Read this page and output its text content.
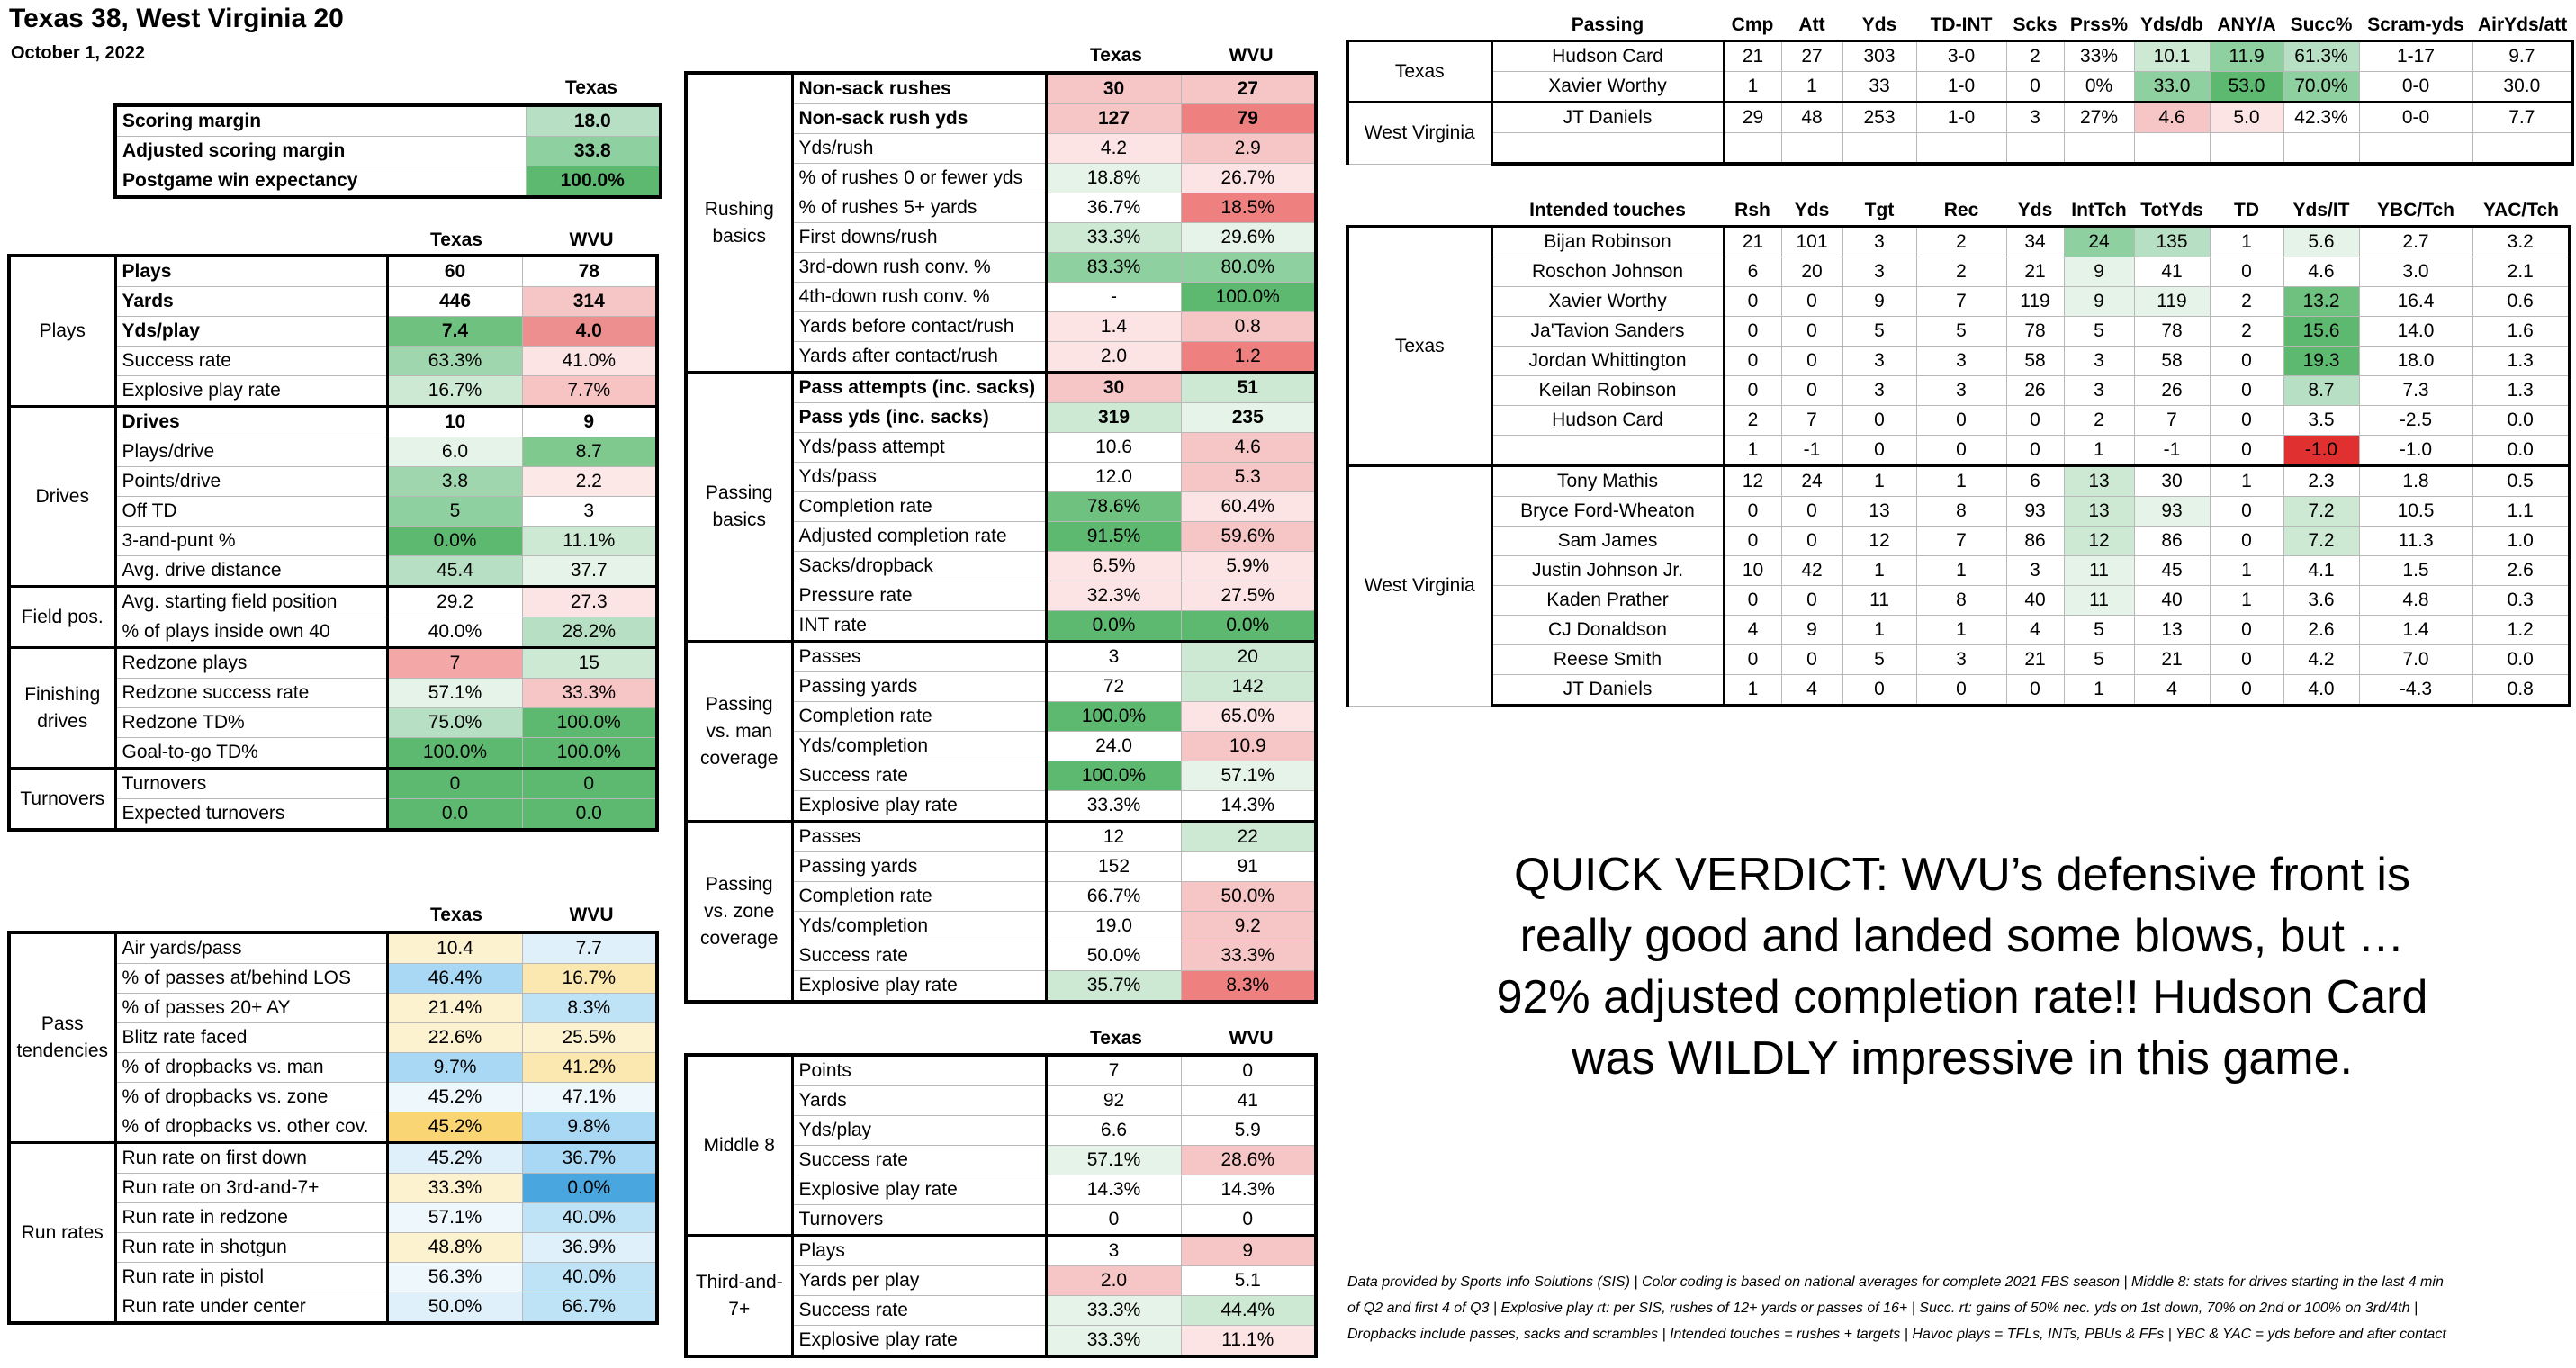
Texas 38, West Virginia 20
October 1, 2022
Texas
Scoring margin	18.0
Adjusted scoring margin	33.8
Postgame win expectancy	100.0%
Texas	WVU
Plays	Plays	60	78
	Yards	446	314
	Yds/play	7.4	4.0
	Success rate	63.3%	41.0%
	Explosive play rate	16.7%	7.7%
Drives	Drives	10	9
	Plays/drive	6.0	8.7
	Points/drive	3.8	2.2
	Off TD	5	3
	3-and-punt %	0.0%	11.1%
	Avg. drive distance	45.4	37.7
Field pos.	Avg. starting field position	29.2	27.3
	% of plays inside own 40	40.0%	28.2%
Finishing drives	Redzone plays	7	15
	Redzone success rate	57.1%	33.3%
	Redzone TD%	75.0%	100.0%
	Goal-to-go TD%	100.0%	100.0%
Turnovers	Turnovers	0	0
	Expected turnovers	0.0	0.0
Texas	WVU
Pass tendencies	Air yards/pass	10.4	7.7
	% of passes at/behind LOS	46.4%	16.7%
	% of passes 20+ AY	21.4%	8.3%
	Blitz rate faced	22.6%	25.5%
	% of dropbacks vs. man	9.7%	41.2%
	% of dropbacks vs. zone	45.2%	47.1%
	% of dropbacks vs. other cov.	45.2%	9.8%
Run rates	Run rate on first down	45.2%	36.7%
	Run rate on 3rd-and-7+	33.3%	0.0%
	Run rate in redzone	57.1%	40.0%
	Run rate in shotgun	48.8%	36.9%
	Run rate in pistol	56.3%	40.0%
	Run rate under center	50.0%	66.7%
Texas	WVU
Rushing basics	Non-sack rushes	30	27
	Non-sack rush yds	127	79
	Yds/rush	4.2	2.9
	% of rushes 0 or fewer yds	18.8%	26.7%
	% of rushes 5+ yards	36.7%	18.5%
	First downs/rush	33.3%	29.6%
	3rd-down rush conv. %	83.3%	80.0%
	4th-down rush conv. %	-	100.0%
	Yards before contact/rush	1.4	0.8
	Yards after contact/rush	2.0	1.2
Passing basics	Pass attempts (inc. sacks)	30	51
	Pass yds (inc. sacks)	319	235
	Yds/pass attempt	10.6	4.6
	Yds/pass	12.0	5.3
	Completion rate	78.6%	60.4%
	Adjusted completion rate	91.5%	59.6%
	Sacks/dropback	6.5%	5.9%
	Pressure rate	32.3%	27.5%
	INT rate	0.0%	0.0%
Passing vs. man coverage	Passes	3	20
	Passing yards	72	142
	Completion rate	100.0%	65.0%
	Yds/completion	24.0	10.9
	Success rate	100.0%	57.1%
	Explosive play rate	33.3%	14.3%
Passing vs. zone coverage	Passes	12	22
	Passing yards	152	91
	Completion rate	66.7%	50.0%
	Yds/completion	19.0	9.2
	Success rate	50.0%	33.3%
	Explosive play rate	35.7%	8.3%
Texas	WVU
Middle 8	Points	7	0
	Yards	92	41
	Yds/play	6.6	5.9
	Success rate	57.1%	28.6%
	Explosive play rate	14.3%	14.3%
	Turnovers	0	0
Third-and-7+	Plays	3	9
	Yards per play	2.0	5.1
	Success rate	33.3%	44.4%
	Explosive play rate	33.3%	11.1%
	Passing	Cmp	Att	Yds	TD-INT	Scks	Prss%	Yds/db	ANY/A	Succ%	Scram-yds	AirYds/att
Texas	Hudson Card	21	27	303	3-0	2	33%	10.1	11.9	61.3%	1-17	9.7
	Xavier Worthy	1	1	33	1-0	0	0%	33.0	53.0	70.0%	0-0	30.0
West Virginia	JT Daniels	29	48	253	1-0	3	27%	4.6	5.0	42.3%	0-0	7.7

	Intended touches	Rsh	Yds	Tgt	Rec	Yds	IntTch	TotYds	TD	Yds/IT	YBC/Tch	YAC/Tch
Texas	Bijan Robinson	21	101	3	2	34	24	135	1	5.6	2.7	3.2
	Roschon Johnson	6	20	3	2	21	9	41	0	4.6	3.0	2.1
	Xavier Worthy	0	0	9	7	119	9	119	2	13.2	16.4	0.6
	Ja'Tavion Sanders	0	0	5	5	78	5	78	2	15.6	14.0	1.6
	Jordan Whittington	0	0	3	3	58	3	58	0	19.3	18.0	1.3
	Keilan Robinson	0	0	3	3	26	3	26	0	8.7	7.3	1.3
	Hudson Card	2	7	0	0	0	2	7	0	3.5	-2.5	0.0
		1	-1	0	0	0	1	-1	0	-1.0	-1.0	0.0
West Virginia	Tony Mathis	12	24	1	1	6	13	30	1	2.3	1.8	0.5
	Bryce Ford-Wheaton	0	0	13	8	93	13	93	0	7.2	10.5	1.1
	Sam James	0	0	12	7	86	12	86	0	7.2	11.3	1.0
	Justin Johnson Jr.	10	42	1	1	3	11	45	1	4.1	1.5	2.6
	Kaden Prather	0	0	11	8	40	11	40	1	3.6	4.8	0.3
	CJ Donaldson	4	9	1	1	4	5	13	0	2.6	1.4	1.2
	Reese Smith	0	0	5	3	21	5	21	0	4.2	7.0	0.0
	JT Daniels	1	4	0	0	0	1	4	0	4.0	-4.3	0.8
QUICK VERDICT: WVU’s defensive front is
really good and landed some blows, but …
92% adjusted completion rate!! Hudson Card
was WILDLY impressive in this game.
Data provided by Sports Info Solutions (SIS) | Color coding is based on national averages for complete 2021 FBS season | Middle 8: stats for drives starting in the last 4 min
of Q2 and first 4 of Q3 | Explosive play rt: per SIS, rushes of 12+ yards or passes of 16+ | Succ. rt: gains of 50% nec. yds on 1st down, 70% on 2nd or 100% on 3rd/4th |
Dropbacks include passes, sacks and scrambles | Intended touches = rushes + targets | Havoc plays = TFLs, INTs, PBUs & FFs | YBC & YAC = yds before and after contact
